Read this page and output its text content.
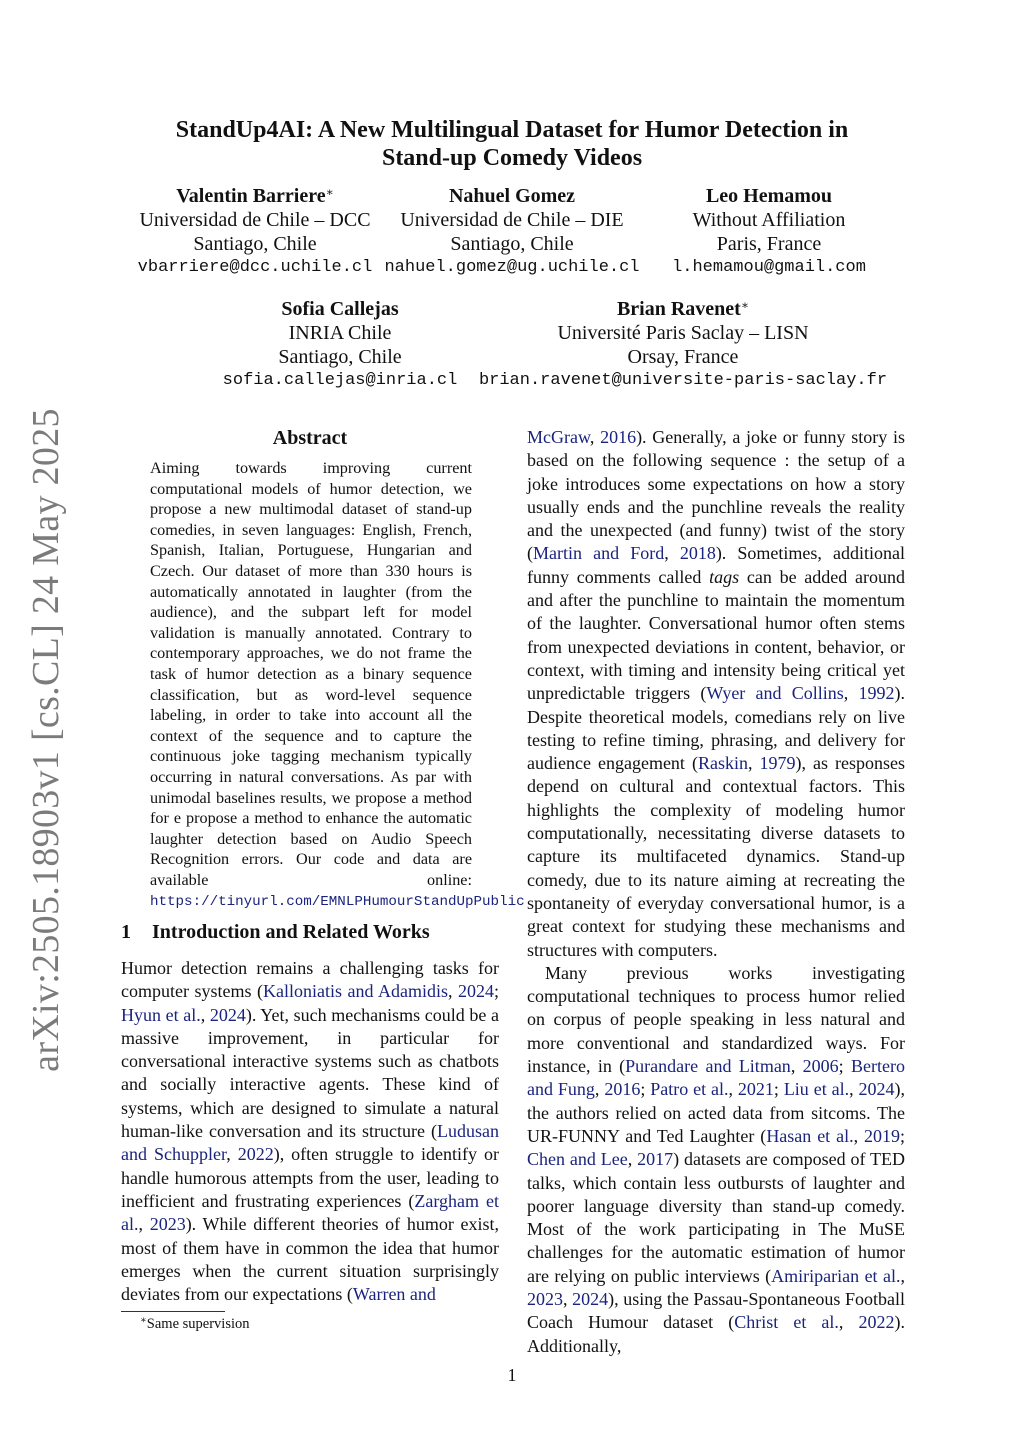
arXiv:2505.18903v1 [cs.CL] 24 May 2025
StandUp4AI: A New Multilingual Dataset for Humor Detection in
Stand-up Comedy Videos
Valentin Barriere∗
Universidad de Chile – DCC
Santiago, Chile
vbarriere@dcc.uchile.cl
Nahuel Gomez
Universidad de Chile – DIE
Santiago, Chile
nahuel.gomez@ug.uchile.cl
Leo Hemamou
Without Affiliation
Paris, France
l.hemamou@gmail.com
Sofia Callejas
INRIA Chile
Santiago, Chile
sofia.callejas@inria.cl
Brian Ravenet∗
Université Paris Saclay – LISN
Orsay, France
brian.ravenet@universite-paris-saclay.fr
Abstract
Aiming towards improving current computational models of humor detection, we propose a new multimodal dataset of stand-up comedies, in seven languages: English, French, Spanish, Italian, Portuguese, Hungarian and Czech. Our dataset of more than 330 hours is automatically annotated in laughter (from the audience), and the subpart left for model validation is manually annotated. Contrary to contemporary approaches, we do not frame the task of humor detection as a binary sequence classification, but as word-level sequence labeling, in order to take into account all the context of the sequence and to capture the continuous joke tagging mechanism typically occurring in natural conversations. As par with unimodal baselines results, we propose a method for e propose a method to enhance the automatic laughter detection based on Audio Speech Recognition errors. Our code and data are available online: https://tinyurl.com/EMNLPHumourStandUpPublic
1 Introduction and Related Works
Humor detection remains a challenging tasks for computer systems (Kalloniatis and Adamidis, 2024; Hyun et al., 2024). Yet, such mechanisms could be a massive improvement, in particular for conversational interactive systems such as chatbots and socially interactive agents. These kind of systems, which are designed to simulate a natural human-like conversation and its structure (Ludusan and Schuppler, 2022), often struggle to identify or handle humorous attempts from the user, leading to inefficient and frustrating experiences (Zargham et al., 2023). While different theories of humor exist, most of them have in common the idea that humor emerges when the current situation surprisingly deviates from our expectations (Warren and

McGraw, 2016). Generally, a joke or funny story is based on the following sequence : the setup of a joke introduces some expectations on how a story usually ends and the punchline reveals the reality and the unexpected (and funny) twist of the story (Martin and Ford, 2018). Sometimes, additional funny comments called tags can be added around and after the punchline to maintain the momentum of the laughter. Conversational humor often stems from unexpected deviations in content, behavior, or context, with timing and intensity being critical yet unpredictable triggers (Wyer and Collins, 1992). Despite theoretical models, comedians rely on live testing to refine timing, phrasing, and delivery for audience engagement (Raskin, 1979), as responses depend on cultural and contextual factors. This highlights the complexity of modeling humor computationally, necessitating diverse datasets to capture its multifaceted dynamics. Stand-up comedy, due to its nature aiming at recreating the spontaneity of everyday conversational humor, is a great context for studying these mechanisms and structures with computers.

Many previous works investigating computational techniques to process humor relied on corpus of people speaking in less natural and more conventional and standardized ways. For instance, in (Purandare and Litman, 2006; Bertero and Fung, 2016; Patro et al., 2021; Liu et al., 2024), the authors relied on acted data from sitcoms. The UR-FUNNY and Ted Laughter (Hasan et al., 2019; Chen and Lee, 2017) datasets are composed of TED talks, which contain less outbursts of laughter and poorer language diversity than stand-up comedy. Most of the work participating in The MuSE challenges for the automatic estimation of humor are relying on public interviews (Amiriparian et al., 2023, 2024), using the Passau-Spontaneous Football Coach Humour dataset (Christ et al., 2022). Additionally,

∗Same supervision
1
